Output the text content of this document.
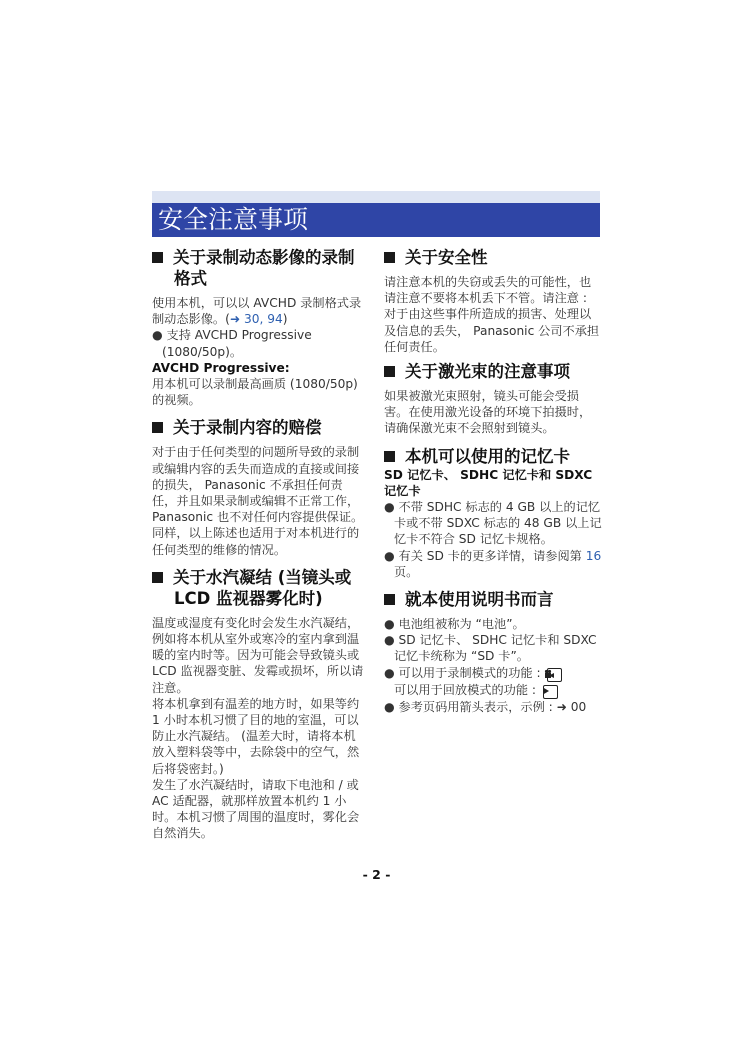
安全注意事项
关于录制动态影像的录制格式

使用本机，可以以 AVCHD 录制格式录制动态影像。(➜ 30, 94)

● 支持 AVCHD Progressive (1080/50p)。

AVCHD Progressive:

用本机可以录制最高画质 (1080/50p) 的视频。

关于录制内容的赔偿

对于由于任何类型的问题所导致的录制或编辑内容的丢失而造成的直接或间接的损失， Panasonic 不承担任何责任，并且如果录制或编辑不正常工作， Panasonic 也不对任何内容提供保证。同样，以上陈述也适用于对本机进行的任何类型的维修的情况。

关于水汽凝结 (当镜头或 LCD 监视器雾化时)

温度或湿度有变化时会发生水汽凝结，例如将本机从室外或寒冷的室内拿到温暖的室内时等。因为可能会导致镜头或 LCD 监视器变脏、发霉或损坏，所以请注意。

将本机拿到有温差的地方时，如果等约 1 小时本机习惯了目的地的室温，可以防止水汽凝结。 (温差大时，请将本机放入塑料袋等中，去除袋中的空气，然后将袋密封。)

发生了水汽凝结时，请取下电池和 / 或 AC 适配器，就那样放置本机约 1 小时。本机习惯了周围的温度时，雾化会自然消失。

关于安全性

请注意本机的失窃或丢失的可能性，也请注意不要将本机丢下不管。请注意 : 对于由这些事件所造成的损害、处理以及信息的丢失， Panasonic 公司不承担任何责任。

关于激光束的注意事项

如果被激光束照射，镜头可能会受损害。在使用激光设备的环境下拍摄时，请确保激光束不会照射到镜头。

本机可以使用的记忆卡

SD 记忆卡、 SDHC 记忆卡和 SDXC 记忆卡

● 不带 SDHC 标志的 4 GB 以上的记忆卡或不带 SDXC 标志的 48 GB 以上记忆卡不符合 SD 记忆卡规格。

● 有关 SD 卡的更多详情，请参阅第 16 页。

就本使用说明书而言

● 电池组被称为 “电池”。

● SD 记忆卡、 SDHC 记忆卡和 SDXC 记忆卡统称为 “SD 卡”。

● 可以用于录制模式的功能 :
可以用于回放模式的功能 :

● 参考页码用箭头表示，示例 : ➜ 00

- 2 -
